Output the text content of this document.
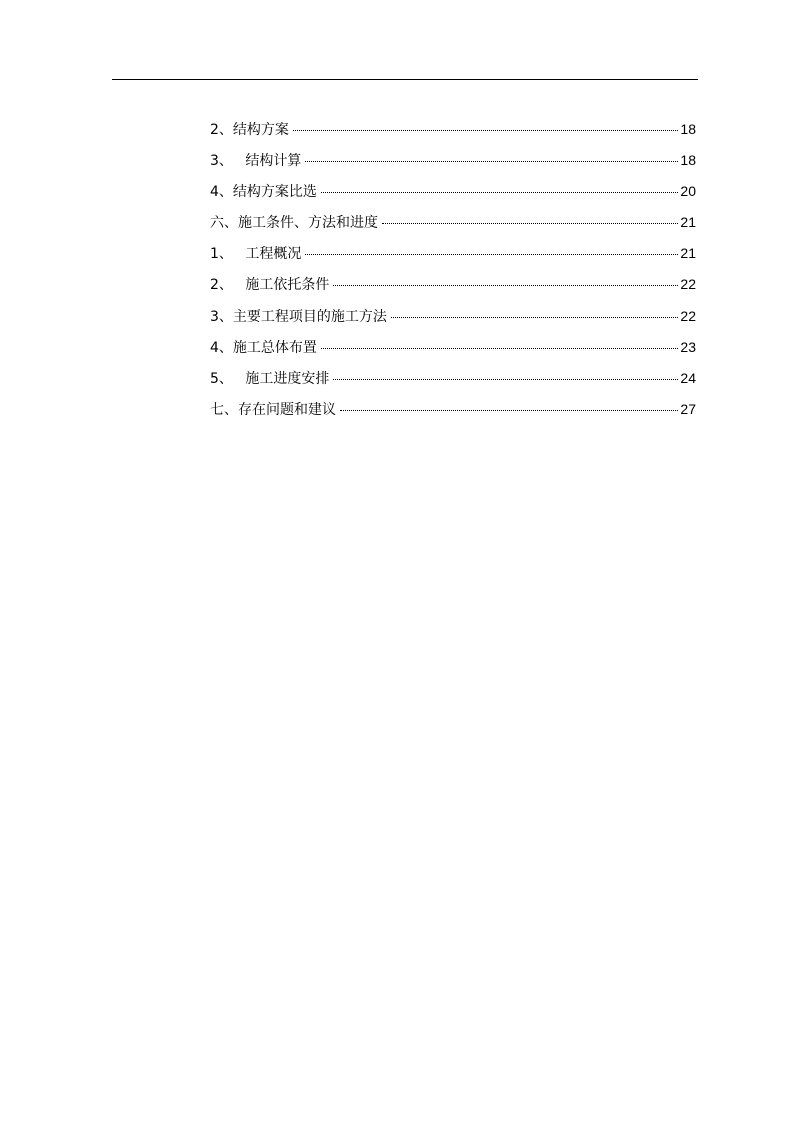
2、 结构方案	18
3、 结构计算	18
4、 结构方案比选	20
六、 施工条件、方法和进度	21
1、 工程概况	21
2、 施工依托条件	22
3、 主要工程项目的施工方法	22
4、 施工总体布置	23
5、 施工进度安排	24
七、 存在问题和建议	27
